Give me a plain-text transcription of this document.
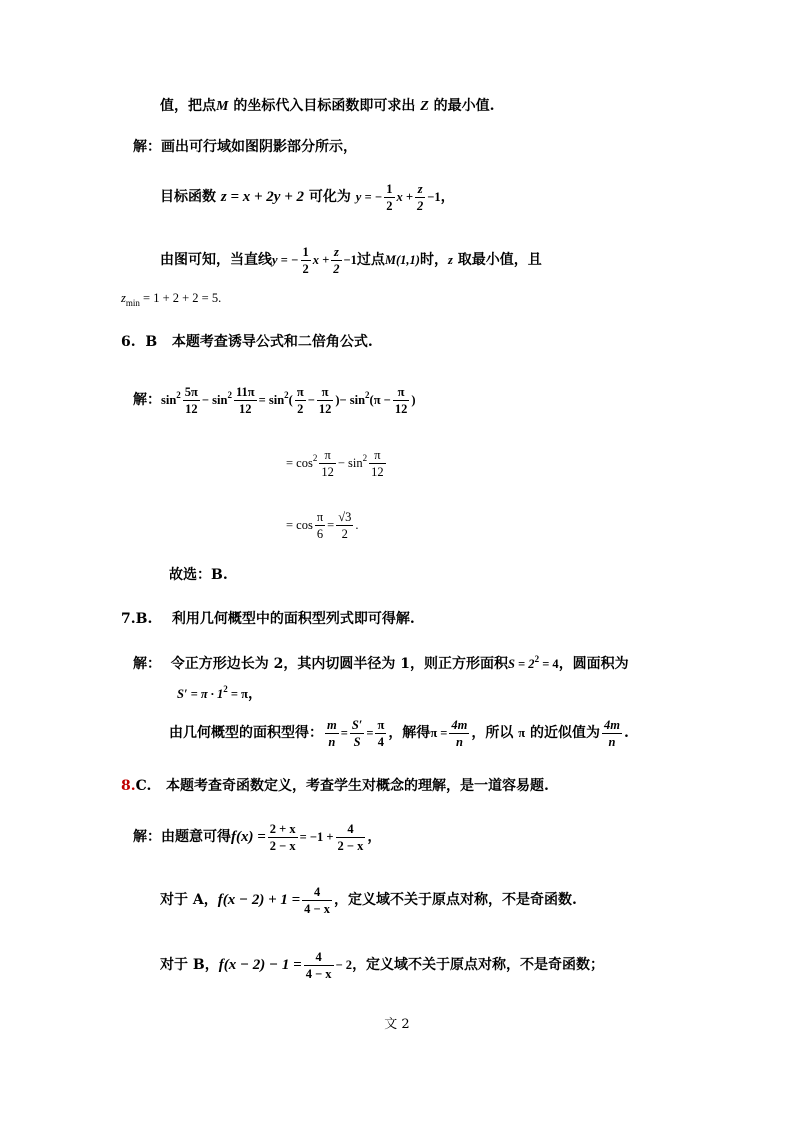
值，把点M 的坐标代入目标函数即可求出 Z 的最小值.
解：画出可行域如图阴影部分所示，
目标函数 z = x + 2y + 2 可化为 y = − $\frac{1}{2}$ $x + \frac{z}{2} -1$，
由图可知，当直线y = − $\frac{1}{2}$ $x + \frac{z}{2} -1$过点M(1,1)时，z 取最小值，且
$z_{min} = 1 + 2 + 2 = 5$.
6. B 本题考查诱导公式和二倍角公式.
解：$\sin^2 \frac{5\pi}{12} - \sin^2 \frac{11\pi}{12} = \sin^2( \frac{\pi}{2} - \frac{\pi}{12}$ )− $\sin^2(\pi - \frac{\pi}{12}$ )
= $\cos^2 \frac{\pi}{12} - \sin^2 \frac{\pi}{12}$
= $\cos \frac{\pi}{6} = \frac{√3}{2}$ .
故选：B.
7.B. 利用几何概型中的面积型列式即可得解.
解： 令正方形边长为 2，其内切圆半径为 1，则正方形面积$S = 2^2 = 4$，圆面积为
$S' = \pi \cdot 1^2 = \pi$，
由几何概型的面积型得： $\frac{m}{n} = \frac{S'}{S} = \frac{\pi}{4}$ ，解得$\pi = \frac{4m}{n}$ ，所以 π 的近似值为 $\frac{4m}{n}$ .
8.C. 本题考查奇函数定义，考查学生对概念的理解，是一道容易题.
解：由题意可得$f(x) = \frac{2 + x}{2 - x} = -1 + \frac{4}{2 - x}$ ，
对于 A，$f(x - 2) + 1 = \frac{4}{4 - x}$ ，定义域不关于原点对称，不是奇函数.
对于 B，$f(x - 2) - 1 = \frac{4}{4 - x} - 2$，定义域不关于原点对称，不是奇函数；
文 2
